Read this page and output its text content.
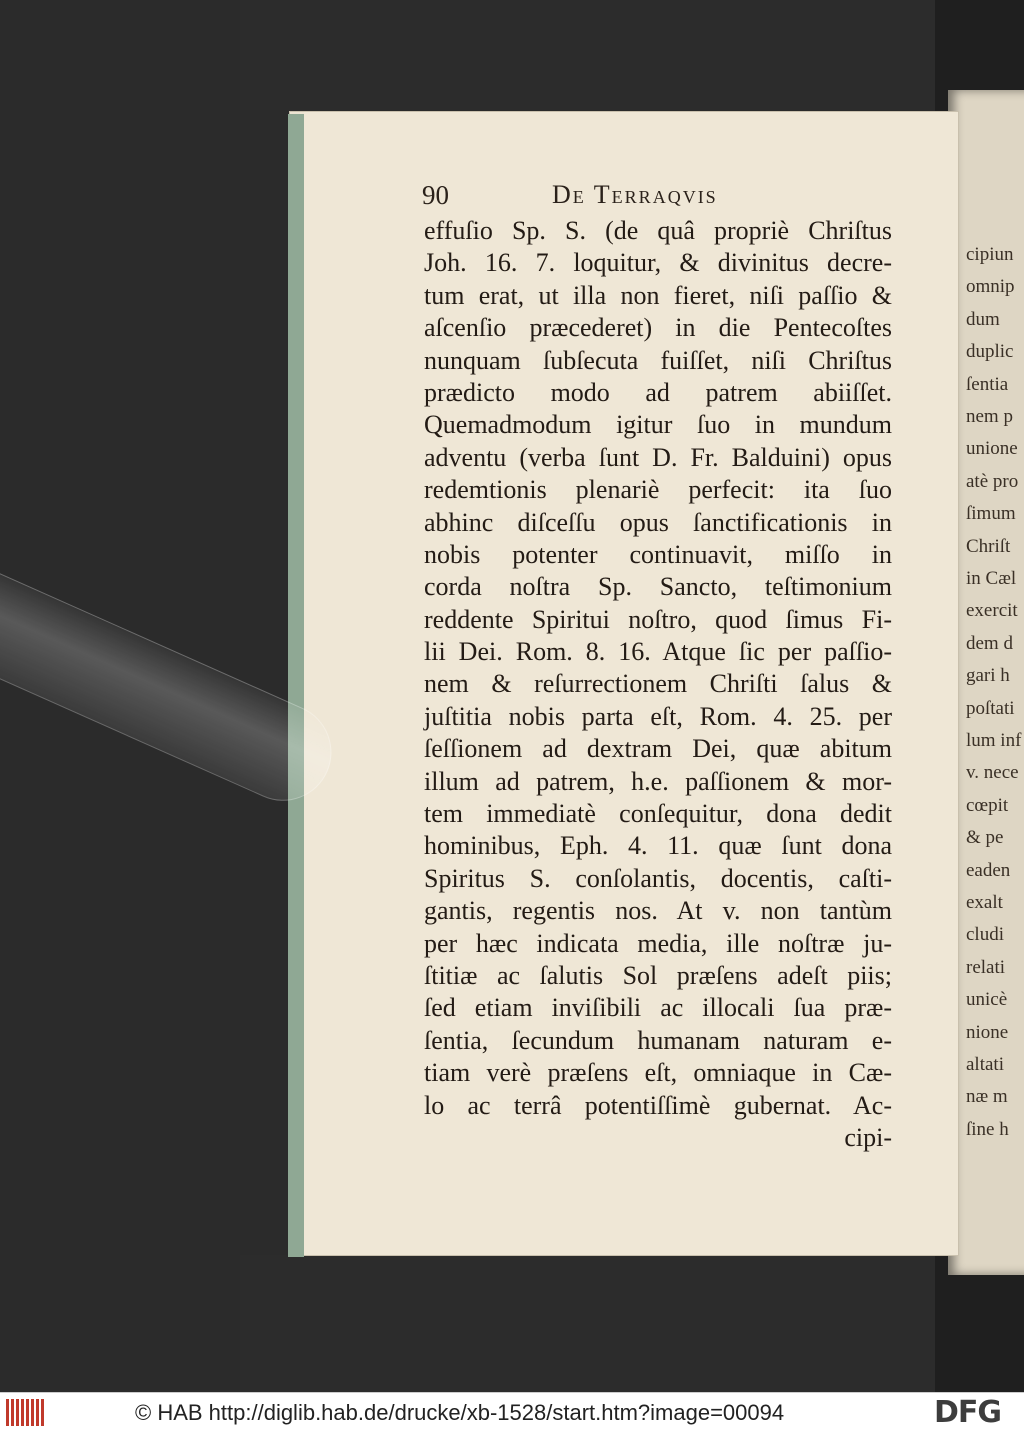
cipiun
omnip
dum
duplic
ſentia
nem p
unione
atè pro
ſimum
Chriſt
in Cæl
exercit
dem d
gari h
poſtati
lum inf
v. nece
cœpit
& pe
eaden
exalt
cludi
relati
unicè
nione
altati
næ m
ſine h
90	De Terraqvis
effuſio Sp. S. (de quâ propriè Chriſtus
Joh. 16. 7. loquitur, & divinitus decre-
tum erat, ut illa non fieret, niſi paſſio &
aſcenſio præcederet) in die Pentecoſtes
nunquam ſubſecuta fuiſſet, niſi Chriſtus
prædicto modo ad patrem abiiſſet.
Quemadmodum igitur ſuo in mundum
adventu (verba ſunt D. Fr. Balduini) opus
redemtionis plenariè perfecit: ita ſuo
abhinc diſceſſu opus ſanctificationis in
nobis potenter continuavit, miſſo in
corda noſtra Sp. Sancto, teſtimonium
reddente Spiritui noſtro, quod ſimus Fi-
lii Dei. Rom. 8. 16. Atque ſic per paſſio-
nem & reſurrectionem Chriſti ſalus &
juſtitia nobis parta eſt, Rom. 4. 25. per
ſeſſionem ad dextram Dei, quæ abitum
illum ad patrem, h.e. paſſionem & mor-
tem immediatè conſequitur, dona dedit
hominibus, Eph. 4. 11. quæ ſunt dona
Spiritus S. conſolantis, docentis, caſti-
gantis, regentis nos. At v. non tantùm
per hæc indicata media, ille noſtræ ju-
ſtitiæ ac ſalutis Sol præſens adeſt piis;
ſed etiam inviſibili ac illocali ſua præ-
ſentia, ſecundum humanam naturam e-
tiam verè præſens eſt, omniaque in Cæ-
lo ac terrâ potentiſſimè gubernat. Ac-
cipi-
© HAB http://diglib.hab.de/drucke/xb-1528/start.htm?image=00094	DFG
